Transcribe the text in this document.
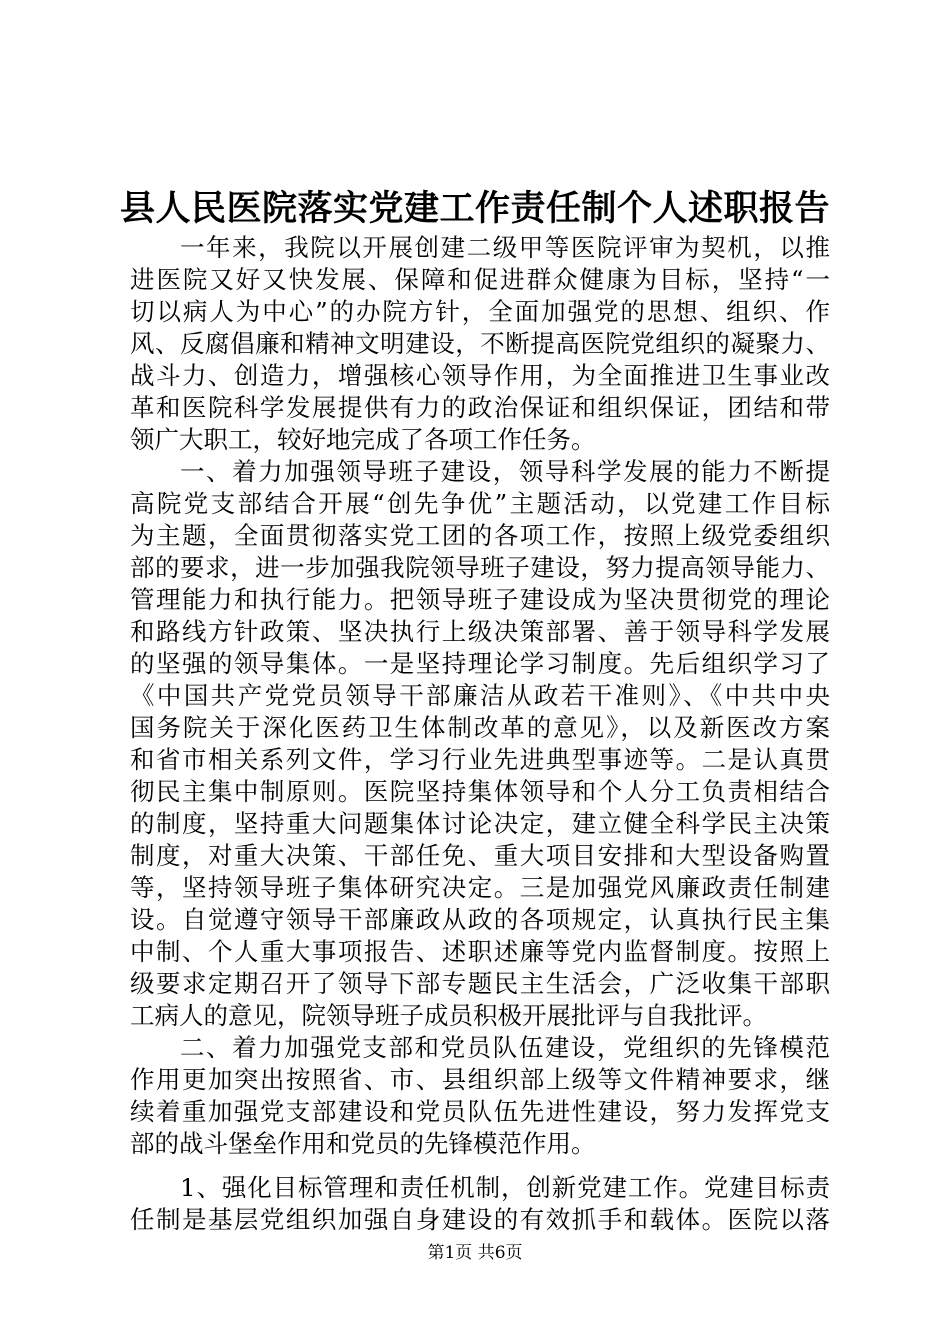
县人民医院落实党建工作责任制个人述职报告
一年来，我院以开展创建二级甲等医院评审为契机，以推
进医院又好又快发展、保障和促进群众健康为目标，坚持“一
切以病人为中心”的办院方针，全面加强党的思想、组织、作
风、反腐倡廉和精神文明建设，不断提高医院党组织的凝聚力、
战斗力、创造力，增强核心领导作用，为全面推进卫生事业改
革和医院科学发展提供有力的政治保证和组织保证，团结和带
领广大职工，较好地完成了各项工作任务。
一、着力加强领导班子建设，领导科学发展的能力不断提
高院党支部结合开展“创先争优”主题活动，以党建工作目标
为主题，全面贯彻落实党工团的各项工作，按照上级党委组织
部的要求，进一步加强我院领导班子建设，努力提高领导能力、
管理能力和执行能力。把领导班子建设成为坚决贯彻党的理论
和路线方针政策、坚决执行上级决策部署、善于领导科学发展
的坚强的领导集体。一是坚持理论学习制度。先后组织学习了
《中国共产党党员领导干部廉洁从政若干准则》、《中共中央
国务院关于深化医药卫生体制改革的意见》，以及新医改方案
和省市相关系列文件，学习行业先进典型事迹等。二是认真贯
彻民主集中制原则。医院坚持集体领导和个人分工负责相结合
的制度，坚持重大问题集体讨论决定，建立健全科学民主决策
制度，对重大决策、干部任免、重大项目安排和大型设备购置
等，坚持领导班子集体研究决定。三是加强党风廉政责任制建
设。自觉遵守领导干部廉政从政的各项规定，认真执行民主集
中制、个人重大事项报告、述职述廉等党内监督制度。按照上
级要求定期召开了领导下部专题民主生活会，广泛收集干部职
工病人的意见，院领导班子成员积极开展批评与自我批评。
二、着力加强党支部和党员队伍建设，党组织的先锋模范
作用更加突出按照省、市、县组织部上级等文件精神要求，继
续着重加强党支部建设和党员队伍先进性建设，努力发挥党支
部的战斗堡垒作用和党员的先锋模范作用。
1、强化目标管理和责任机制，创新党建工作。党建目标责
任制是基层党组织加强自身建设的有效抓手和载体。医院以落
第1页 共6页
